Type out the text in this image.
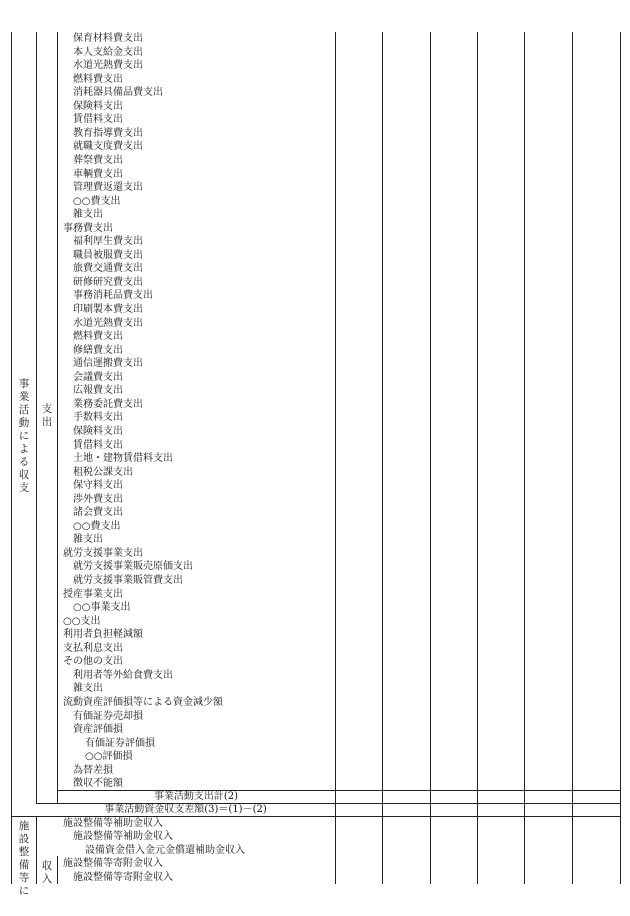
事
業
活
動
に
よ
る
収
支
支
出
施
設
整
備
等
に
収
入
保育材料費支出
本人支給金支出
水道光熱費支出
燃料費支出
消耗器具備品費支出
保険料支出
賃借料支出
教育指導費支出
就職支度費支出
葬祭費支出
車輌費支出
管理費返還支出
○○費支出
雑支出
事務費支出
福利厚生費支出
職員被服費支出
旅費交通費支出
研修研究費支出
事務消耗品費支出
印刷製本費支出
水道光熱費支出
燃料費支出
修繕費支出
通信運搬費支出
会議費支出
広報費支出
業務委託費支出
手数料支出
保険料支出
賃借料支出
土地・建物賃借料支出
租税公課支出
保守料支出
渉外費支出
諸会費支出
○○費支出
雑支出
就労支援事業支出
就労支援事業販売原価支出
就労支援事業販管費支出
授産事業支出
○○事業支出
○○支出
利用者負担軽減額
支払利息支出
その他の支出
利用者等外給食費支出
雑支出
流動資産評価損等による資金減少額
有価証券売却損
資産評価損
有価証券評価損
○○評価損
為替差損
徴収不能額
施設整備等補助金収入
施設整備等補助金収入
設備資金借入金元金償還補助金収入
施設整備等寄附金収入
施設整備等寄附金収入
事業活動支出計(2)
事業活動資金収支差額(3)＝(1)－(2)
